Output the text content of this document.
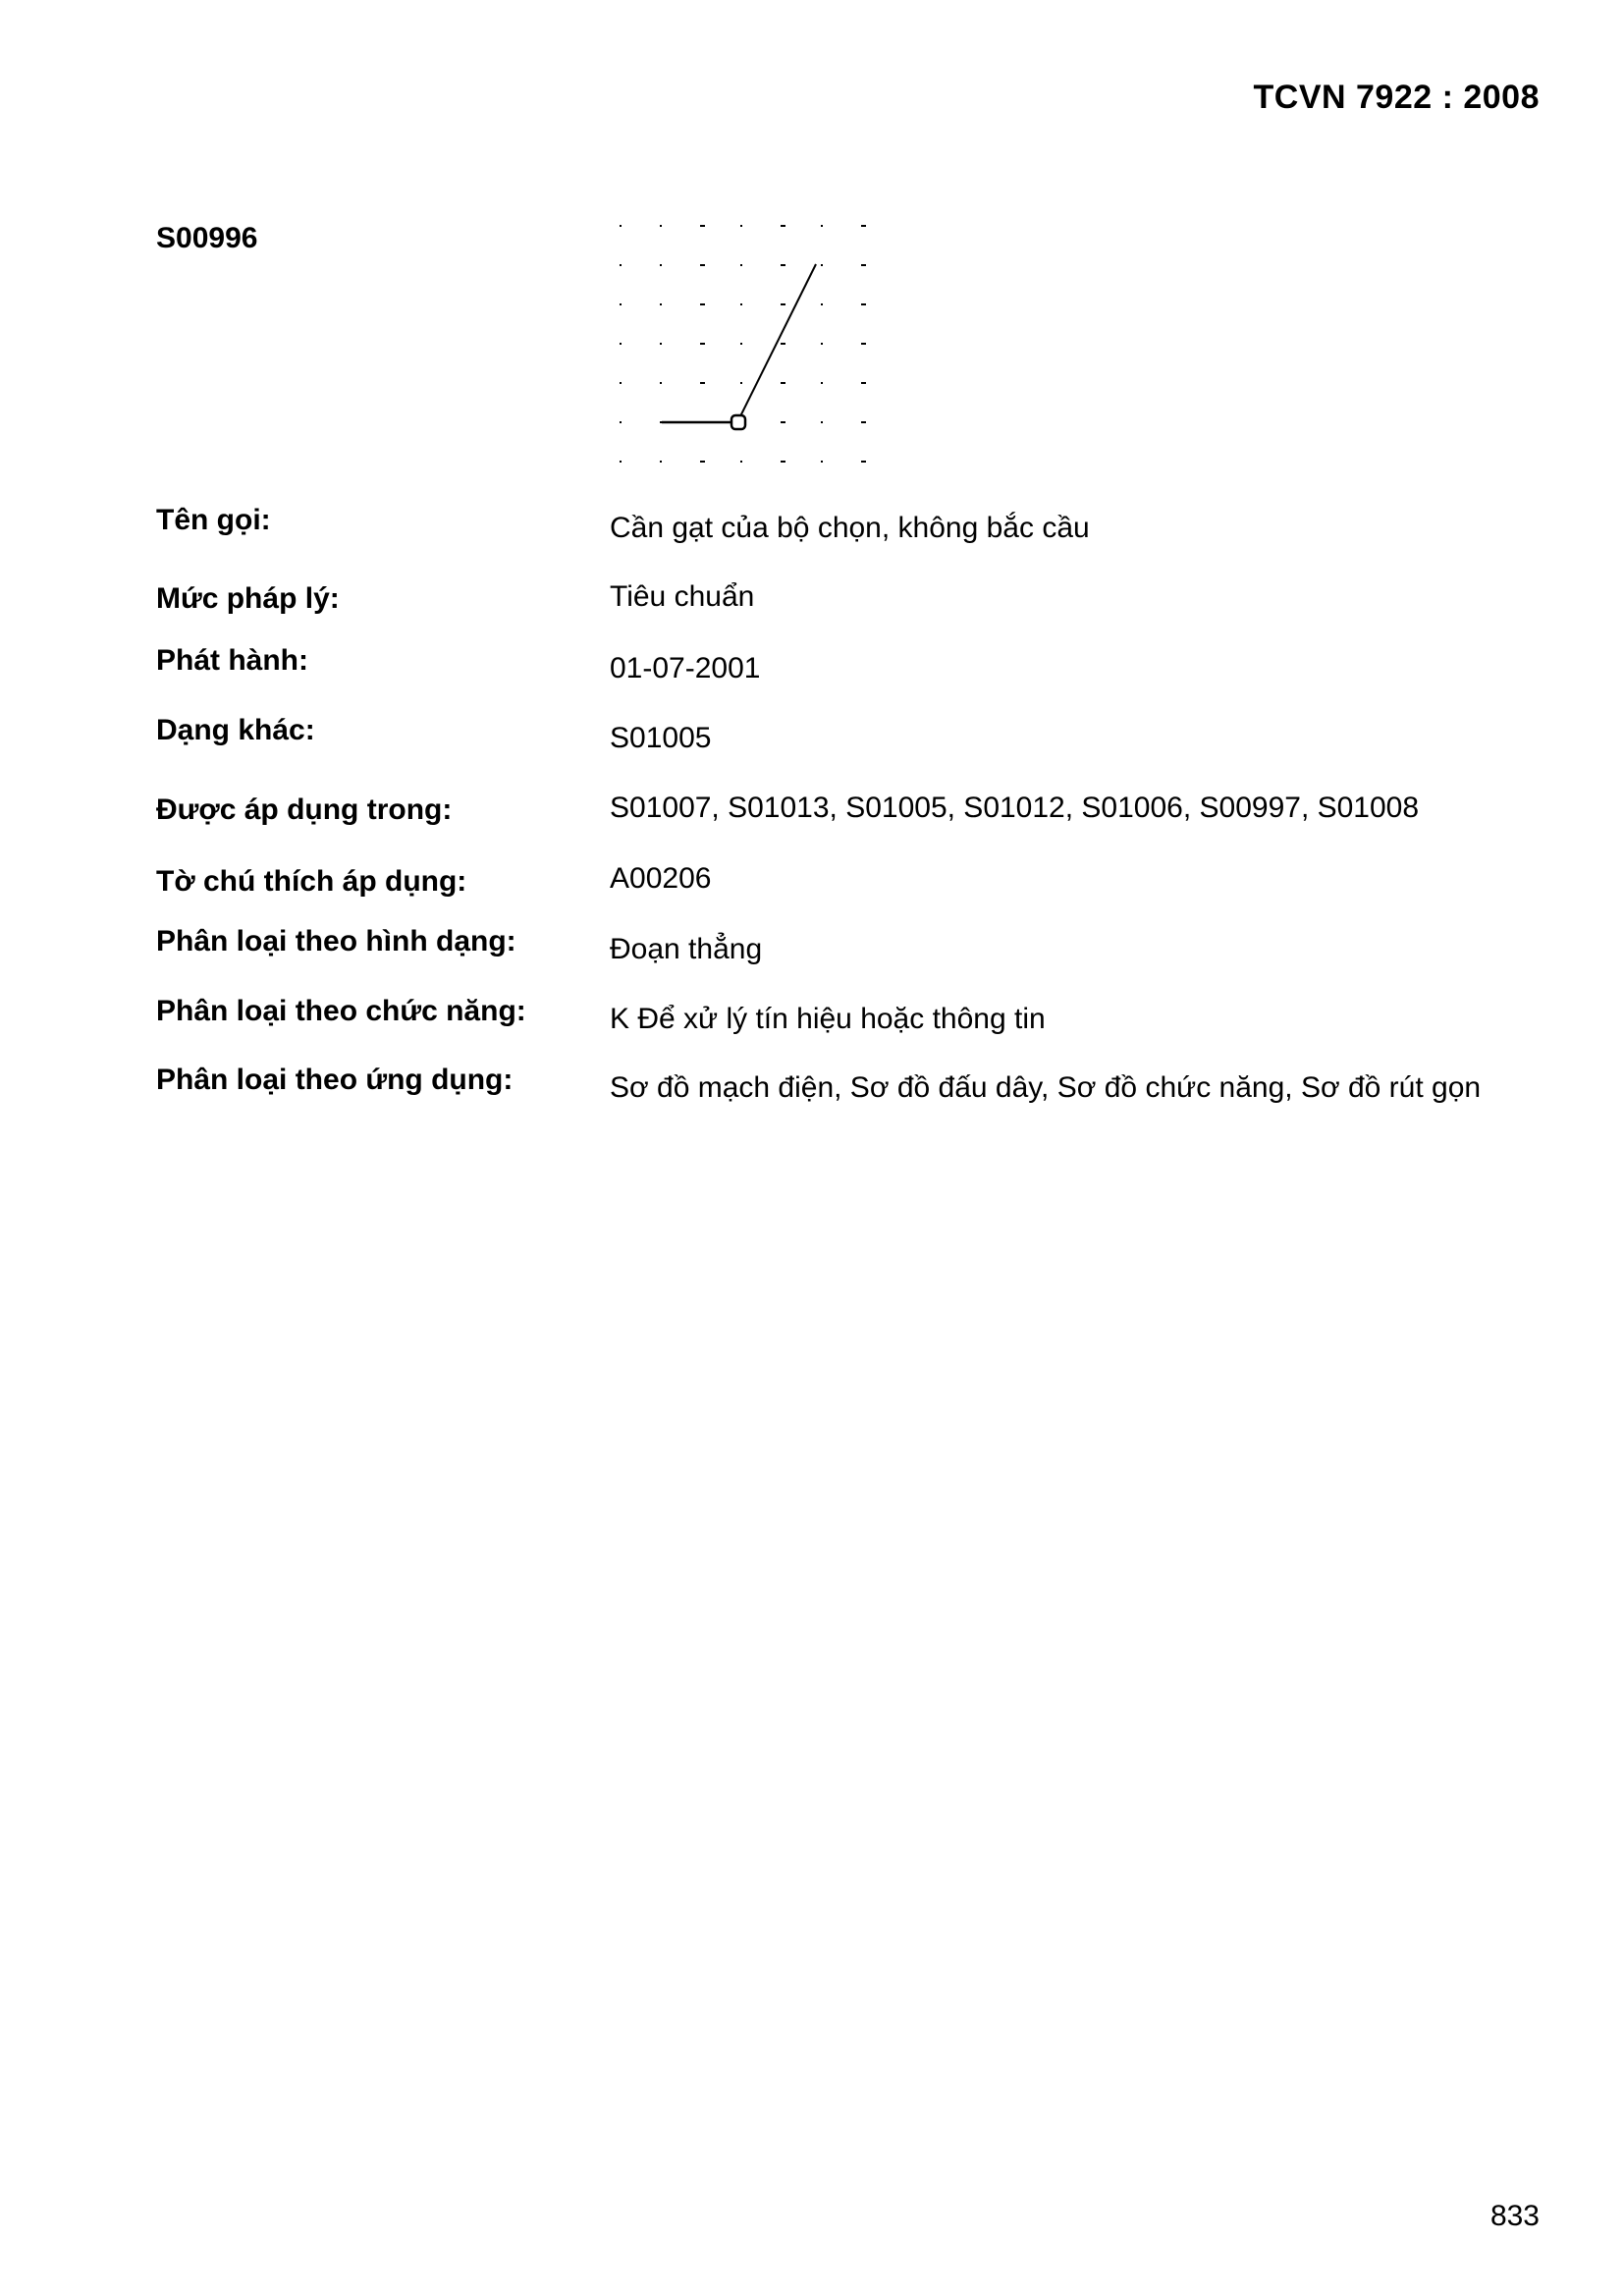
TCVN 7922 : 2008
S00996
Tên gọi:	Cần gạt của bộ chọn, không bắc cầu
Mức pháp lý:	Tiêu chuẩn
Phát hành:	01-07-2001
Dạng khác:	S01005
Được áp dụng trong:	S01007, S01013, S01005, S01012, S01006, S00997, S01008
Tờ chú thích áp dụng:	A00206
Phân loại theo hình dạng:	Đoạn thẳng
Phân loại theo chức năng:	K Để xử lý tín hiệu hoặc thông tin
Phân loại theo ứng dụng:	Sơ đồ mạch điện, Sơ đồ đấu dây, Sơ đồ chức năng, Sơ đồ rút gọn
833
